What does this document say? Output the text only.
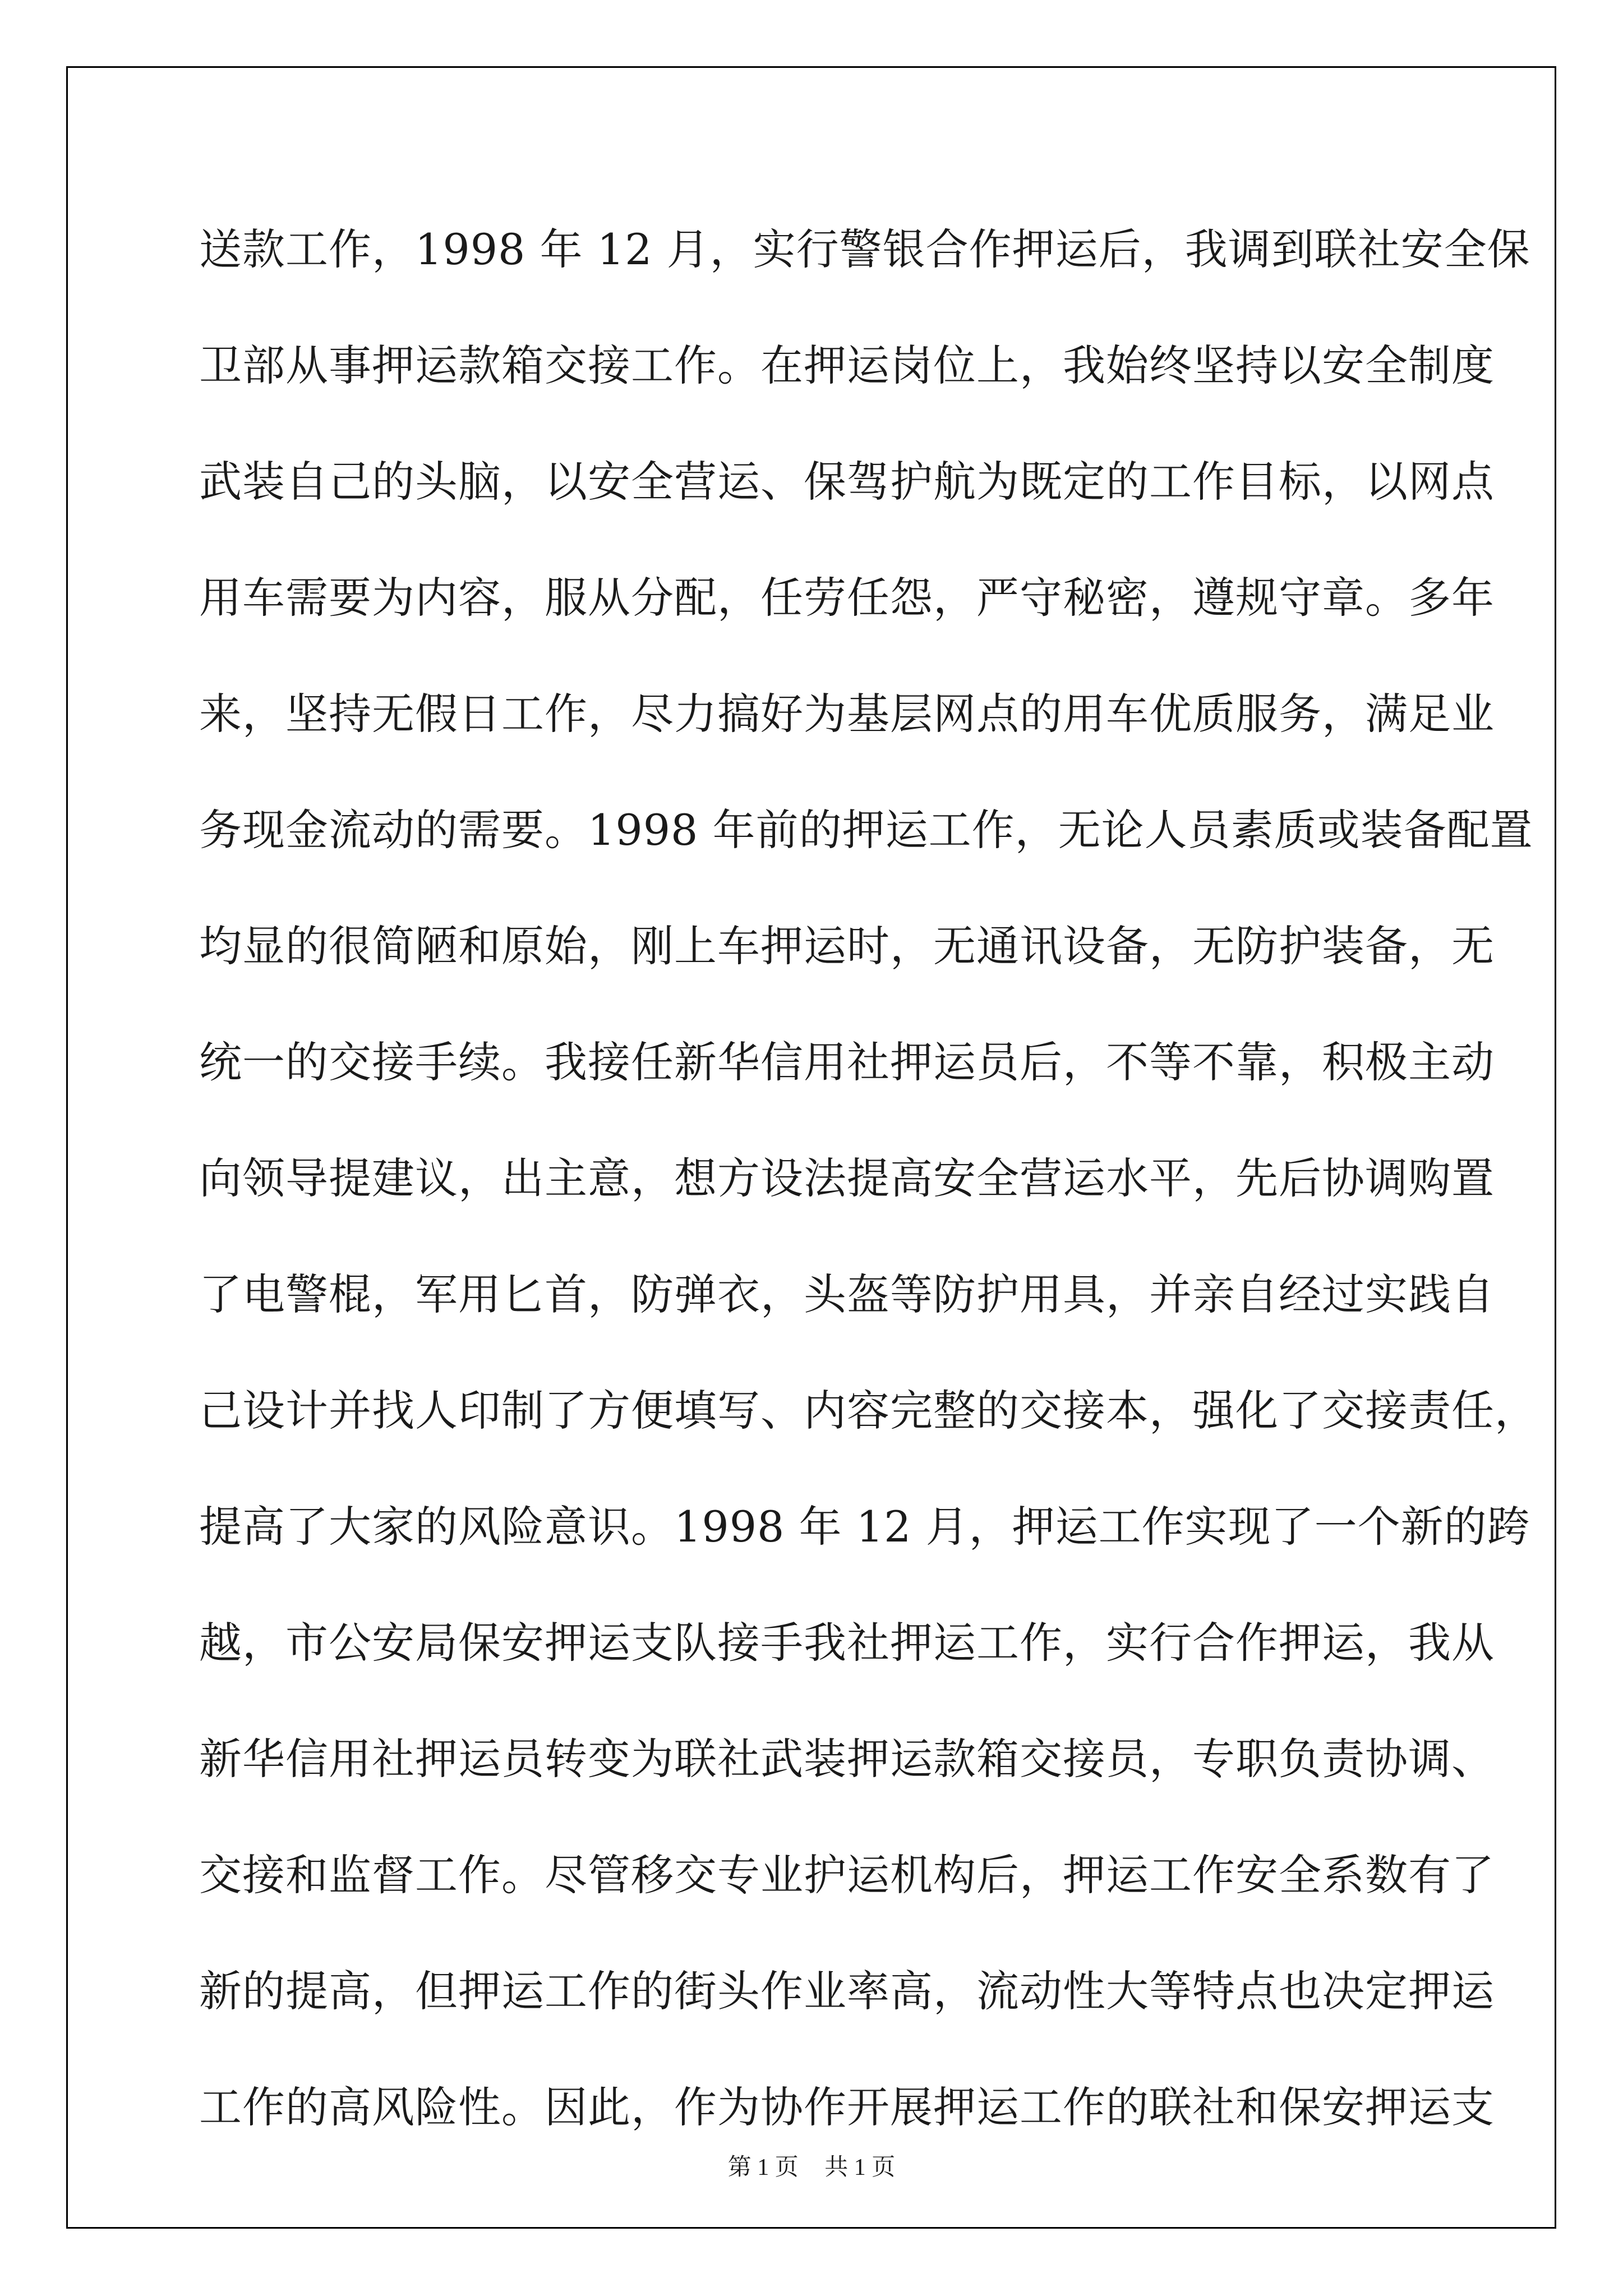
送款工作，1998 年 12 月，实行警银合作押运后，我调到联社安全保
卫部从事押运款箱交接工作。在押运岗位上，我始终坚持以安全制度
武装自己的头脑，以安全营运、保驾护航为既定的工作目标，以网点
用车需要为内容，服从分配，任劳任怨，严守秘密，遵规守章。多年
来，坚持无假日工作，尽力搞好为基层网点的用车优质服务，满足业
务现金流动的需要。1998 年前的押运工作，无论人员素质或装备配置
均显的很简陋和原始，刚上车押运时，无通讯设备，无防护装备，无
统一的交接手续。我接任新华信用社押运员后，不等不靠，积极主动
向领导提建议，出主意，想方设法提高安全营运水平，先后协调购置
了电警棍，军用匕首，防弹衣，头盔等防护用具，并亲自经过实践自
己设计并找人印制了方便填写、内容完整的交接本，强化了交接责任，
提高了大家的风险意识。1998 年 12 月，押运工作实现了一个新的跨
越，市公安局保安押运支队接手我社押运工作，实行合作押运，我从
新华信用社押运员转变为联社武装押运款箱交接员，专职负责协调、
交接和监督工作。尽管移交专业护运机构后，押运工作安全系数有了
新的提高，但押运工作的街头作业率高，流动性大等特点也决定押运
工作的高风险性。因此，作为协作开展押运工作的联社和保安押运支
第 1 页 共 1 页
